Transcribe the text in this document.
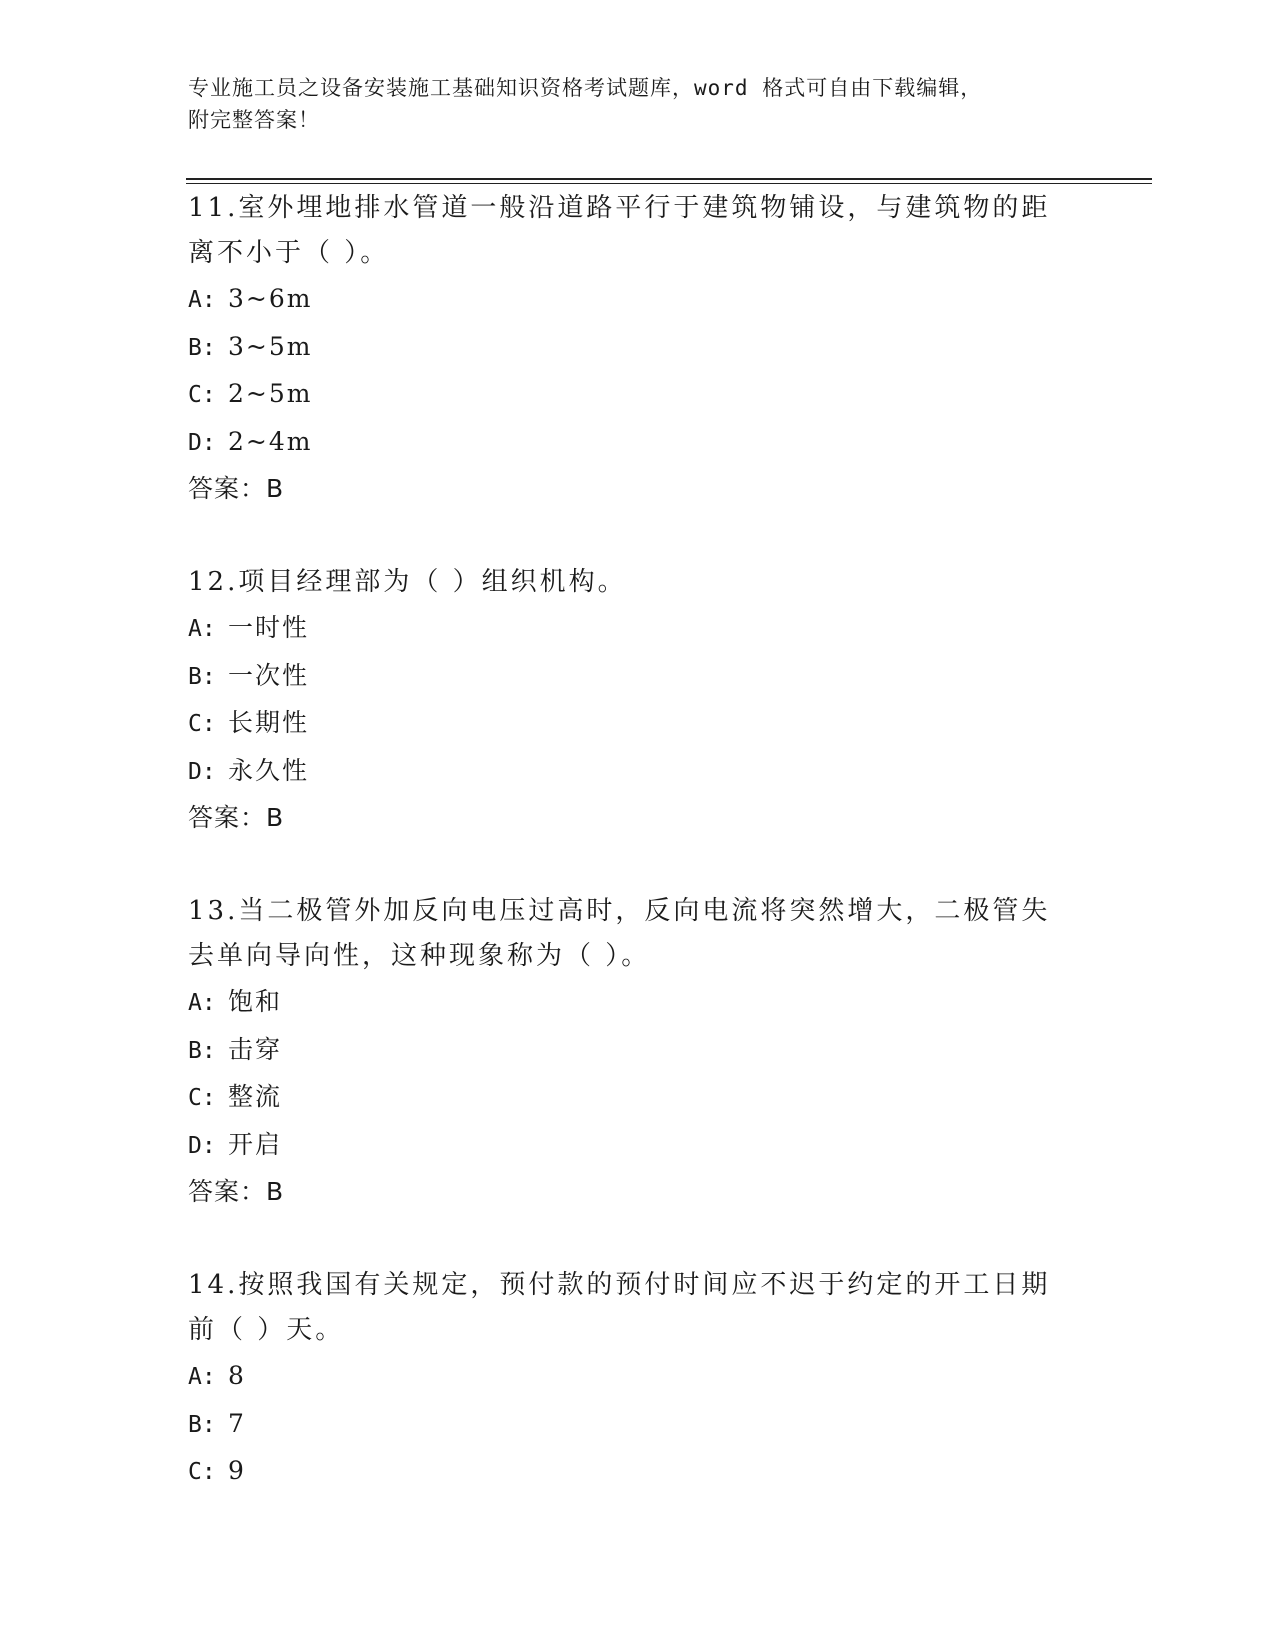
专业施工员之设备安装施工基础知识资格考试题库，word 格式可自由下载编辑，
附完整答案！
11.室外埋地排水管道一般沿道路平行于建筑物铺设，与建筑物的距离不小于（ ）。
A: 3~6m
B: 3~5m
C: 2~5m
D: 2~4m
答案：B
12.项目经理部为（ ）组织机构。
A: 一时性
B: 一次性
C: 长期性
D: 永久性
答案：B
13.当二极管外加反向电压过高时，反向电流将突然增大，二极管失去单向导向性，这种现象称为（ ）。
A: 饱和
B: 击穿
C: 整流
D: 开启
答案：B
14.按照我国有关规定，预付款的预付时间应不迟于约定的开工日期前（ ）天。
A: 8
B: 7
C: 9
